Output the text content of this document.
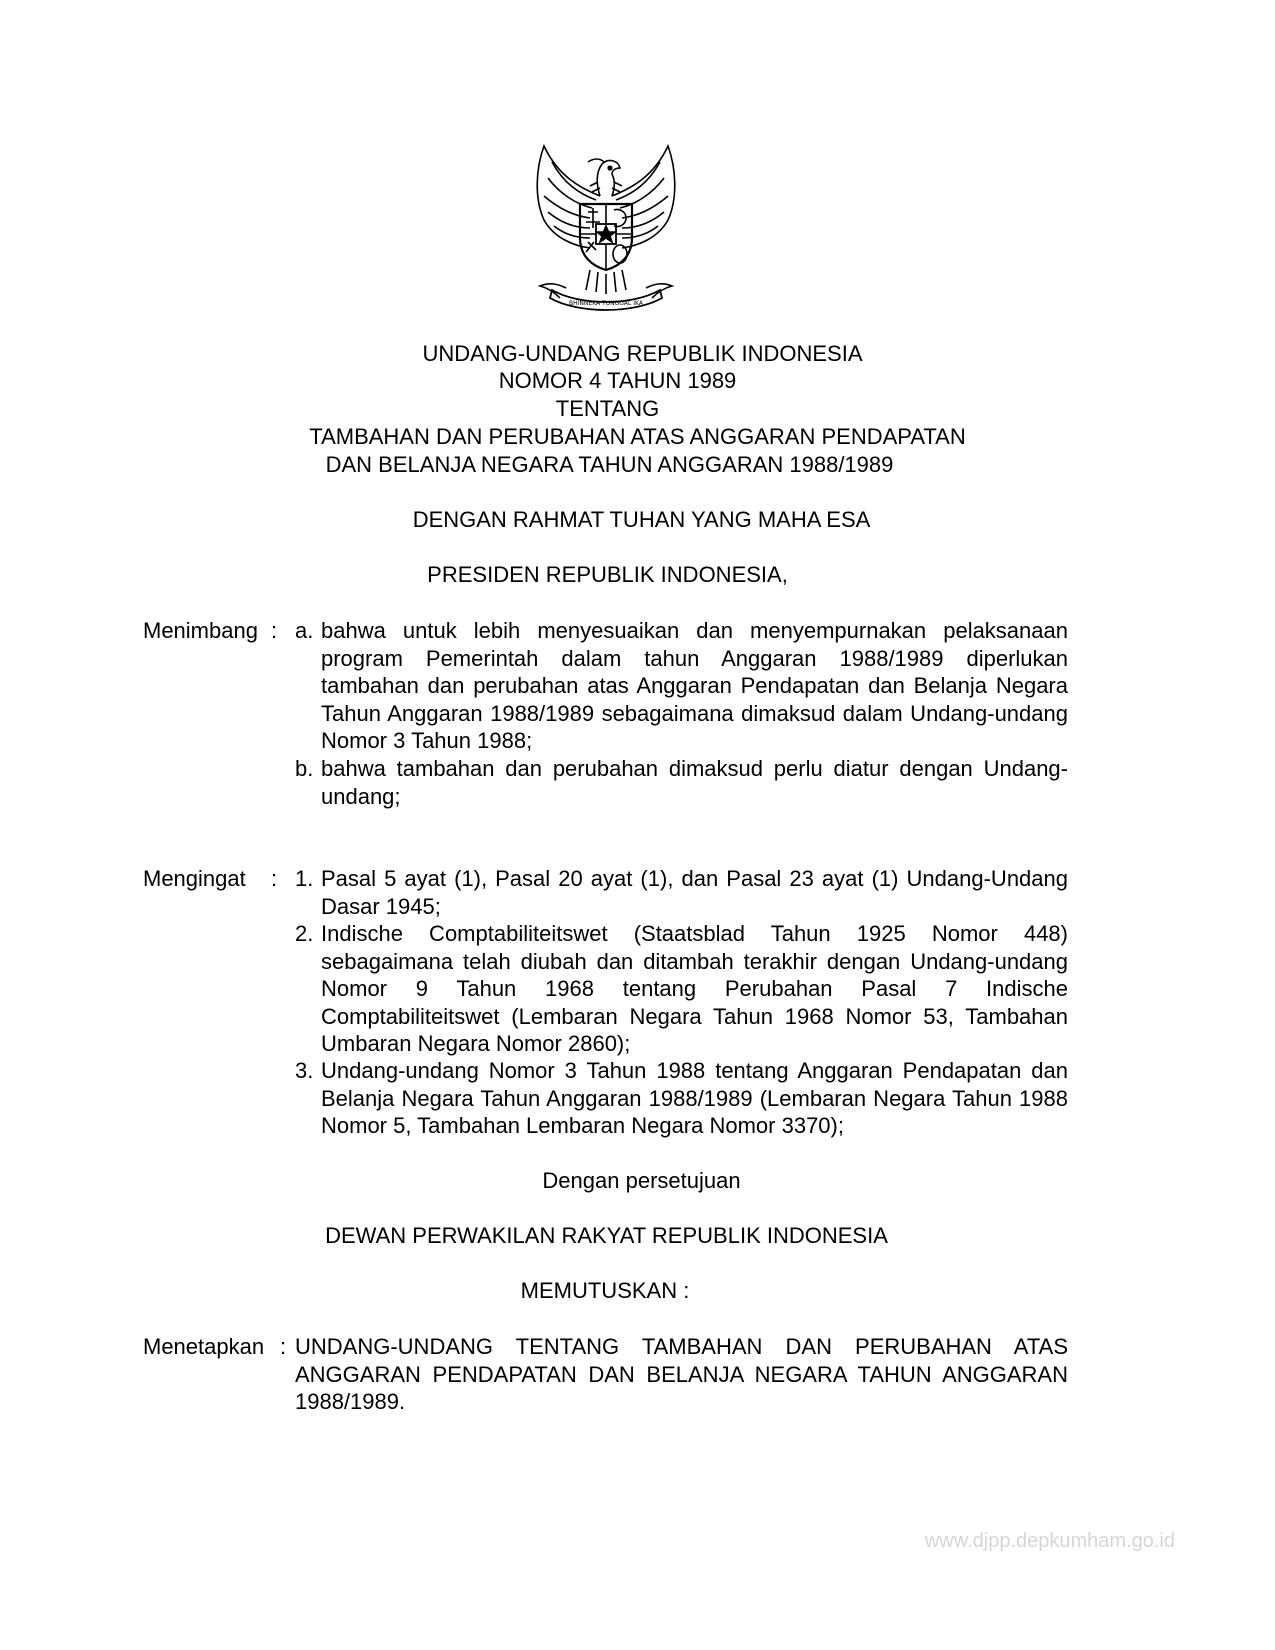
BHINNEKA TUNGGAL IKA

UNDANG-UNDANG REPUBLIK INDONESIA

NOMOR 4 TAHUN 1989

TENTANG

TAMBAHAN DAN PERUBAHAN ATAS ANGGARAN PENDAPATAN

DAN BELANJA NEGARA TAHUN ANGGARAN 1988/1989

DENGAN RAHMAT TUHAN YANG MAHA ESA

PRESIDEN REPUBLIK INDONESIA,

Menimbang : a. bahwa untuk lebih menyesuaikan dan menyempurnakan pelaksanaan program Pemerintah dalam tahun Anggaran 1988/1989 diperlukan tambahan dan perubahan atas Anggaran Pendapatan dan Belanja Negara Tahun Anggaran 1988/1989 sebagaimana dimaksud dalam Undang-undang Nomor 3 Tahun 1988;

b. bahwa tambahan dan perubahan dimaksud perlu diatur dengan Undang-undang;

Mengingat : 1. Pasal 5 ayat (1), Pasal 20 ayat (1), dan Pasal 23 ayat (1) Undang-Undang Dasar 1945;

2. Indische Comptabiliteitswet (Staatsblad Tahun 1925 Nomor 448) sebagaimana telah diubah dan ditambah terakhir dengan Undang-undang Nomor 9 Tahun 1968 tentang Perubahan Pasal 7 Indische Comptabiliteitswet (Lembaran Negara Tahun 1968 Nomor 53, Tambahan Umbaran Negara Nomor 2860);

3. Undang-undang Nomor 3 Tahun 1988 tentang Anggaran Pendapatan dan Belanja Negara Tahun Anggaran 1988/1989 (Lembaran Negara Tahun 1988 Nomor 5, Tambahan Lembaran Negara Nomor 3370);

Dengan persetujuan

DEWAN PERWAKILAN RAKYAT REPUBLIK INDONESIA

MEMUTUSKAN :

Menetapkan : UNDANG-UNDANG TENTANG TAMBAHAN DAN PERUBAHAN ATAS ANGGARAN PENDAPATAN DAN BELANJA NEGARA TAHUN ANGGARAN 1988/1989.

www.djpp.depkumham.go.id
